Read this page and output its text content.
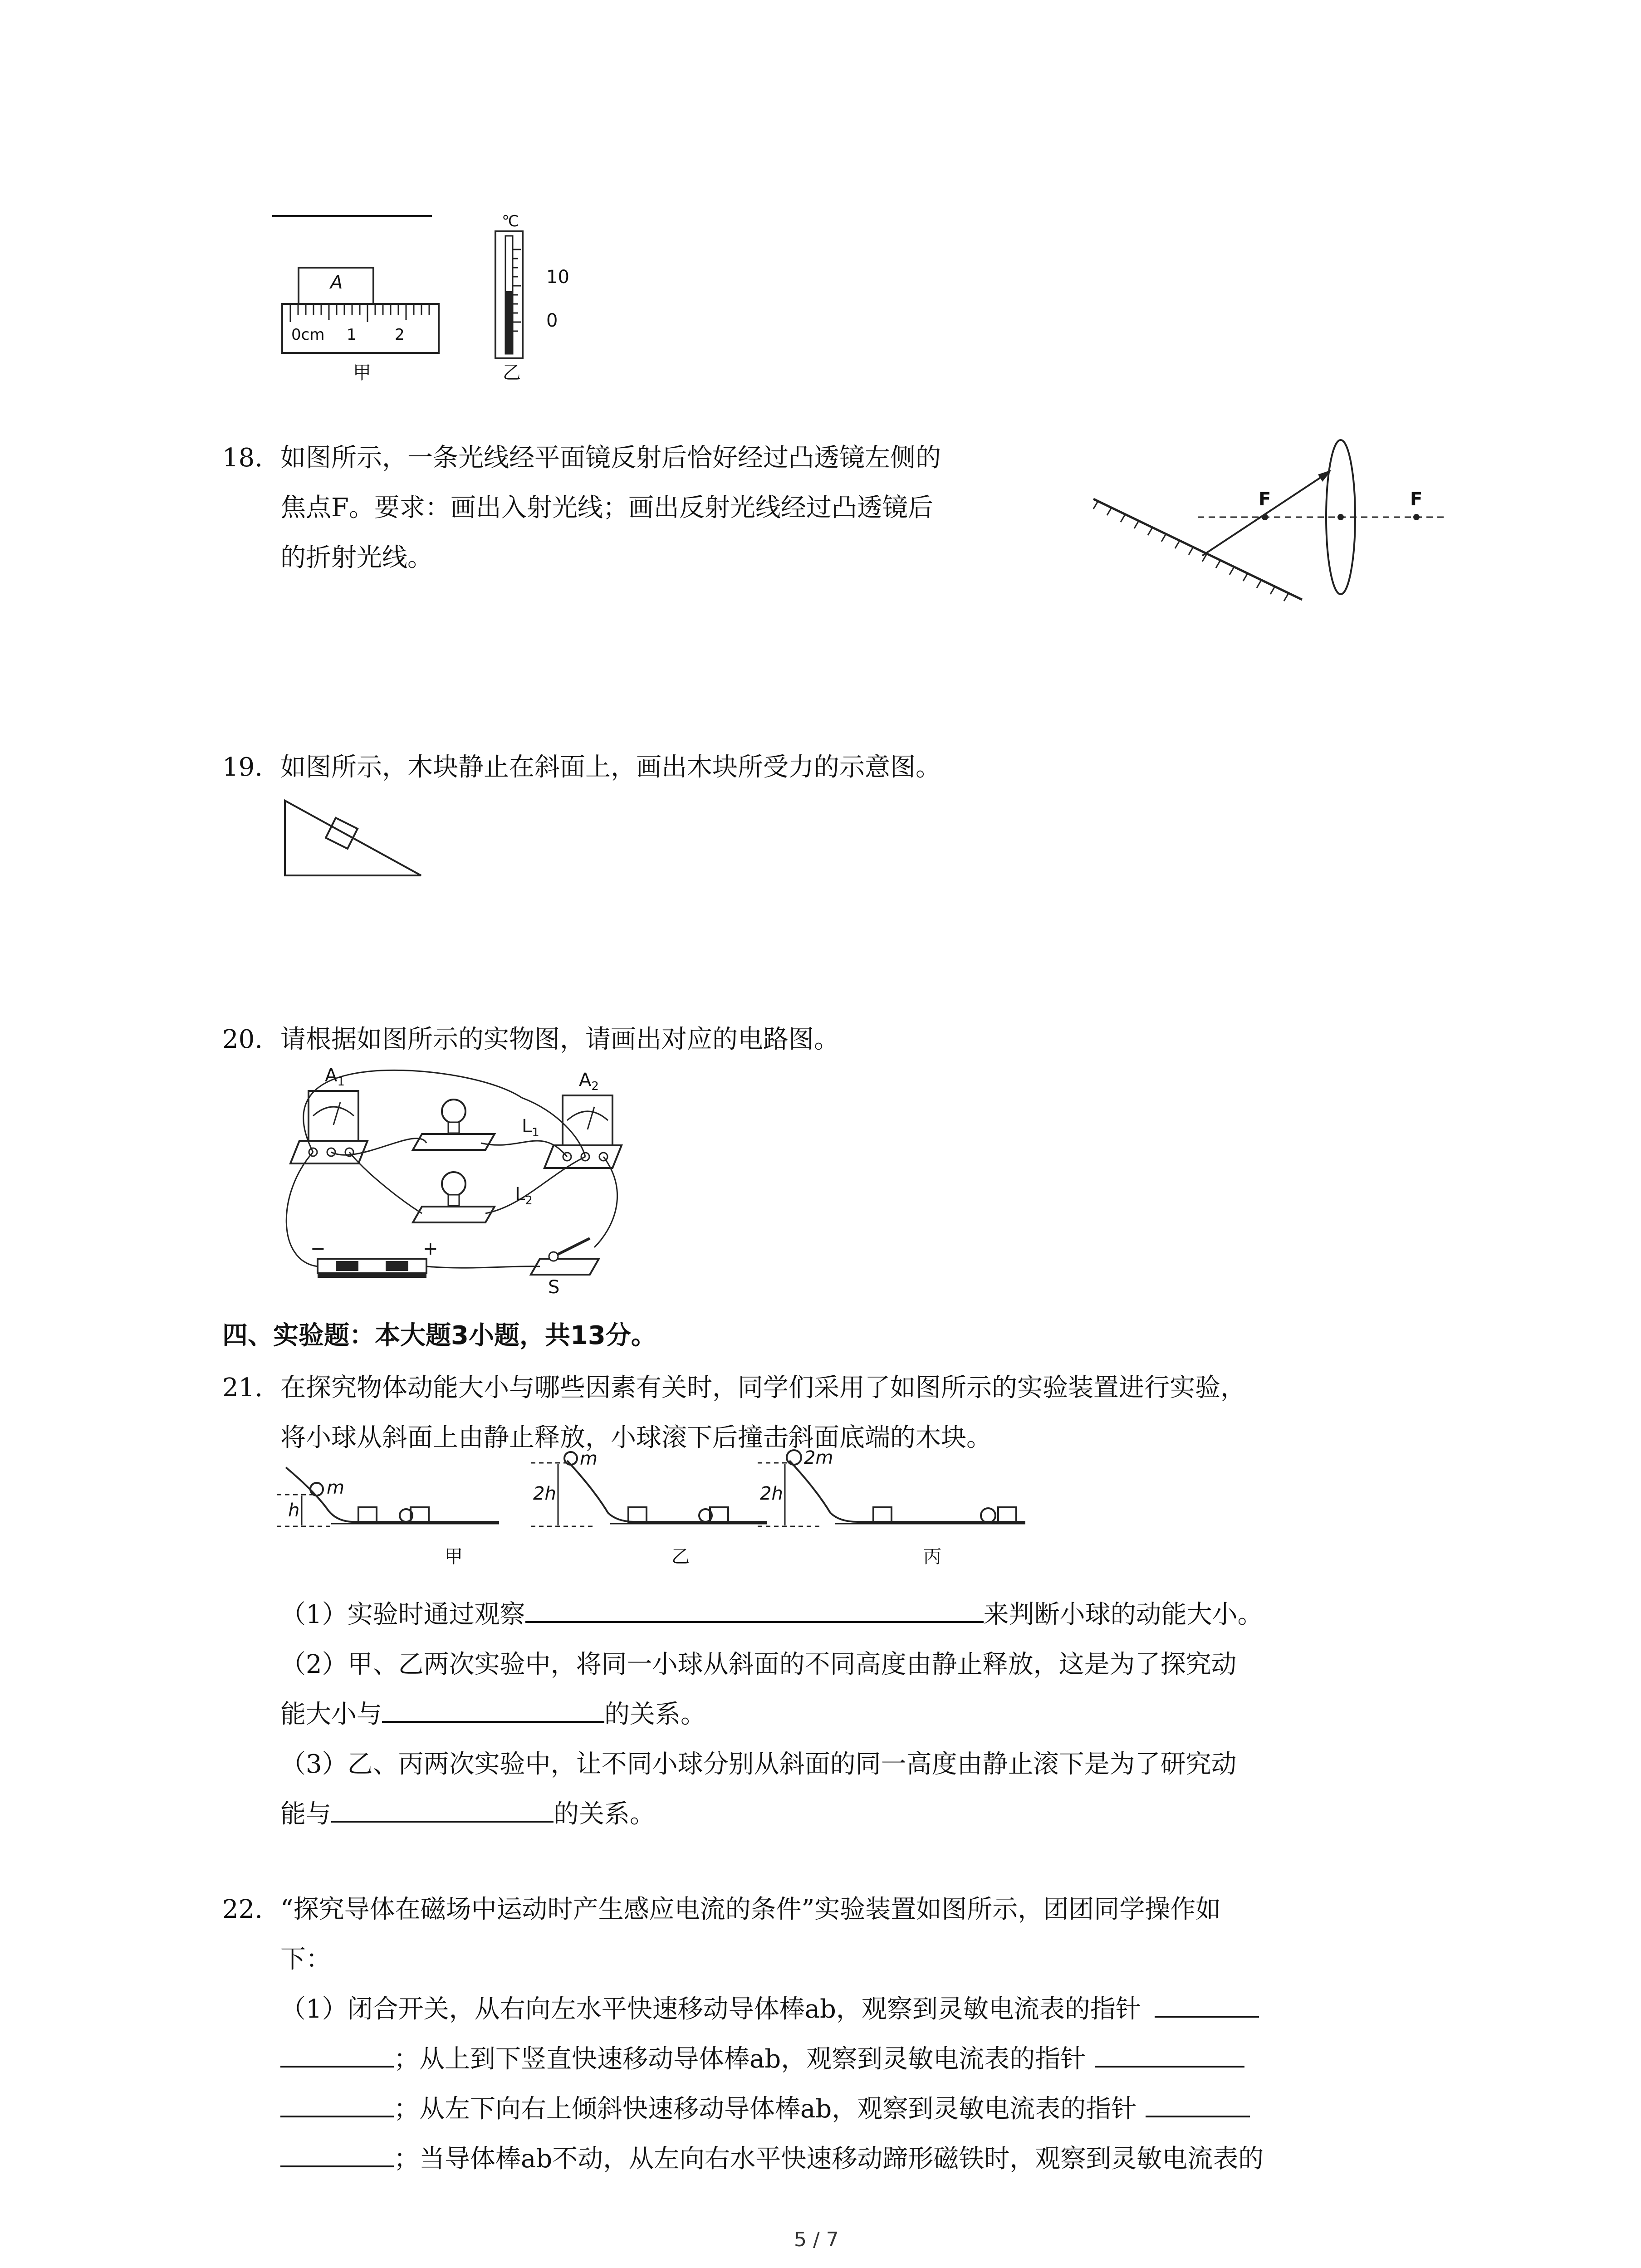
A
0cm 1 2
甲
℃
10
0
乙
18. 如图所示，一条光线经平面镜反射后恰好经过凸透镜左侧的
焦点F。要求：画出入射光线；画出反射光线经过凸透镜后
的折射光线。
F	F
19. 如图所示，木块静止在斜面上，画出木块所受力的示意图。
20. 请根据如图所示的实物图，请画出对应的电路图。
$A_1$	$A_2$
$L_1$
$L_2$
S
−	+
四、实验题：本大题3小题，共13分。
21. 在探究物体动能大小与哪些因素有关时，同学们采用了如图所示的实验装置进行实验，
将小球从斜面上由静止释放，小球滚下后撞击斜面底端的木块。
m
h
甲
m
2h
乙
2m
2h
丙
（1）实验时通过观察	来判断小球的动能大小。
（2）甲、乙两次实验中，将同一小球从斜面的不同高度由静止释放，这是为了探究动
能大小与	的关系。
（3）乙、丙两次实验中，让不同小球分别从斜面的同一高度由静止滚下是为了研究动
能与	的关系。
22. “探究导体在磁场中运动时产生感应电流的条件”实验装置如图所示，团团同学操作如
下：
（1）闭合开关，从右向左水平快速移动导体棒ab，观察到灵敏电流表的指针
；从上到下竖直快速移动导体棒ab，观察到灵敏电流表的指针
；从左下向右上倾斜快速移动导体棒ab，观察到灵敏电流表的指针
；当导体棒ab不动，从左向右水平快速移动蹄形磁铁时，观察到灵敏电流表的
5 / 7
